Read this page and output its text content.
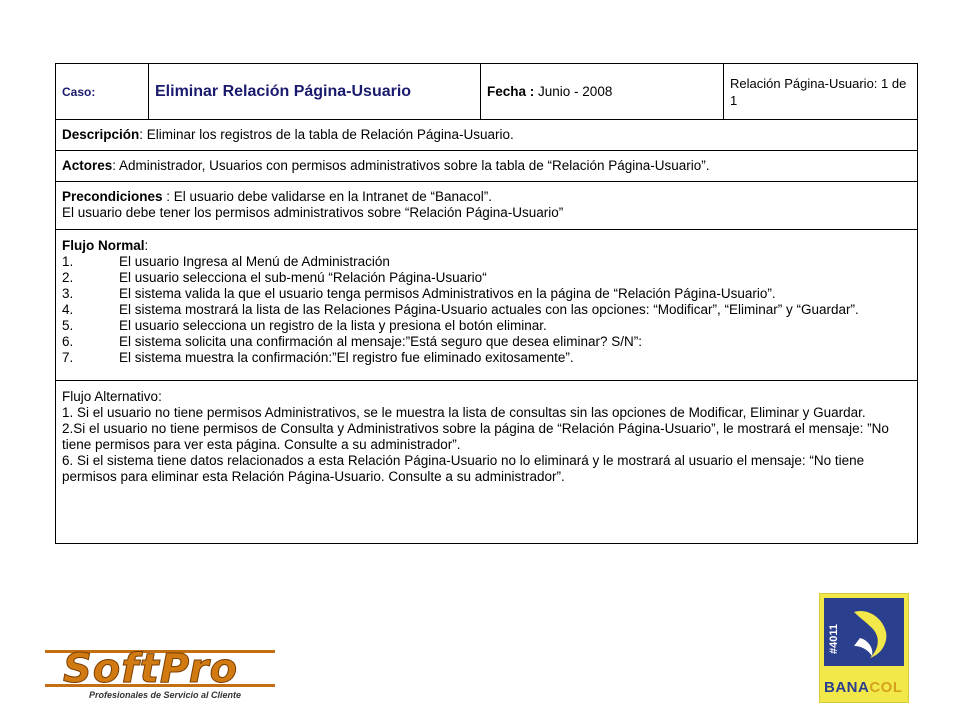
Caso:	Eliminar Relación Página-Usuario	Fecha : Junio - 2008	Relación Página-Usuario: 1 de 1
Descripción: Eliminar los registros de la tabla de Relación Página-Usuario.
Actores: Administrador, Usuarios con permisos administrativos sobre la tabla de “Relación Página-Usuario”.
Precondiciones : El usuario debe validarse en la Intranet de “Banacol”.
El usuario debe tener los permisos administrativos sobre “Relación Página-Usuario”

Flujo Normal:
1.	El usuario Ingresa al Menú de Administración
2.	El usuario selecciona el sub-menú “Relación Página-Usuario“
3.	El sistema valida la que el usuario tenga permisos Administrativos en la página de “Relación Página-Usuario”.
4.	El sistema mostrará la lista de las Relaciones Página-Usuario actuales con las opciones: “Modificar”, “Eliminar” y “Guardar”.
5.	El usuario selecciona un registro de la lista y presiona el botón eliminar.
6.	El sistema solicita una confirmación al mensaje:”Está seguro que desea eliminar? S/N”:
7.	El sistema muestra la confirmación:”El registro fue eliminado exitosamente”.

Flujo Alternativo:
1. Si el usuario no tiene permisos Administrativos, se le muestra la lista de consultas sin las opciones de Modificar, Eliminar y Guardar.
2.Si el usuario no tiene permisos de Consulta y Administrativos sobre la página de “Relación Página-Usuario”, le mostrará el mensaje: ”No tiene permisos para ver esta página. Consulte a su administrador”.
6. Si el sistema tiene datos relacionados a esta Relación Página-Usuario no lo eliminará y le mostrará al usuario el mensaje: “No tiene permisos para eliminar esta Relación Página-Usuario. Consulte a su administrador”.
SoftPro
Profesionales de Servicio al Cliente
#4011
BANACOL
